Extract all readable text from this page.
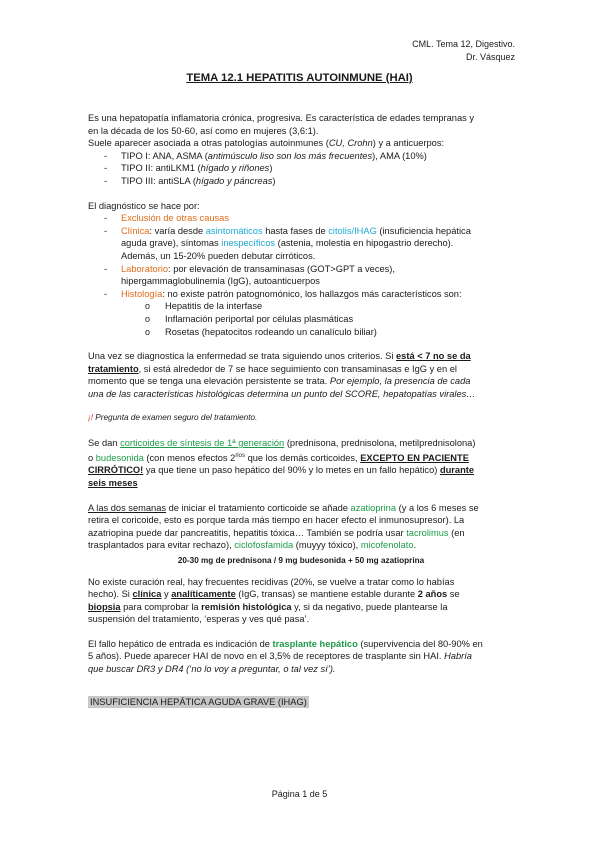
CML. Tema 12, Digestivo.
Dr. Vásquez
TEMA 12.1 HEPATITIS AUTOINMUNE (HAI)

Es una hepatopatía inflamatoria crónica, progresiva. Es característica de edades tempranas y

en la década de los 50-60, así como en mujeres (3,6:1).

Suele aparecer asociada a otras patologías autoinmunes (CU, Crohn) y a anticuerpos:

- TIPO I: ANA, ASMA (antimúsculo liso son los más frecuentes), AMA (10%)
- TIPO II: antiLKM1 (hígado y riñones)
- TIPO III: antiSLA (hígado y páncreas)

El diagnóstico se hace por:

- Exclusión de otras causas
- Clínica: varía desde asintomáticos hasta fases de citolis/IHAG (insuficiencia hepática
aguda grave), síntomas inespecíficos (astenia, molestia en hipogastrio derecho).
Además, un 15-20% pueden debutar cirróticos.
- Laboratorio: por elevación de transaminasas (GOT>GPT a veces),
hipergammaglobulinemia (IgG), autoanticuerpos
- Histología: no existe patrón patognomónico, los hallazgos más característicos son:
o Hepatitis de la interfase
o Inflamación periportal por células plasmáticas
o Rosetas (hepatocitos rodeando un canalículo biliar)

Una vez se diagnostica la enfermedad se trata siguiendo unos criterios. Si está < 7 no se da

tratamiento, si está alrededor de 7 se hace seguimiento con transaminasas e IgG y en el

momento que se tenga una elevación persistente se trata. Por ejemplo, la presencia de cada

una de las características histológicas determina un punto del SCORE, hepatopatías virales…

¡! Pregunta de examen seguro del tratamiento.

Se dan corticoides de síntesis de 1ª generación (prednisona, prednisolona, metilprednisolona)

o budesonida (con menos efectos $2^{rios}$ que los demás corticoides, EXCEPTO EN PACIENTE

CIRRÓTICO! ya que tiene un paso hepático del 90% y lo metes en un fallo hepático) durante

seis meses

A las dos semanas de iniciar el tratamiento corticoide se añade azatioprina (y a los 6 meses se

retira el coricoide, esto es porque tarda más tiempo en hacer efecto el inmunosupresor). La

azatriopina puede dar pancreatitis, hepatitis tóxica… También se podría usar tacrolimus (en

trasplantados para evitar rechazo), ciclofosfamida (muyyy tóxico), micofenolato.

20-30 mg de prednisona / 9 mg budesonida + 50 mg azatioprina

No existe curación real, hay frecuentes recidivas (20%, se vuelve a tratar como lo habías

hecho). Si clínica y analíticamente (IgG, transas) se mantiene estable durante 2 años se

biopsia para comprobar la remisión histológica y, si da negativo, puede plantearse la

suspensión del tratamiento, ‘esperas y ves qué pasa’.

El fallo hepático de entrada es indicación de trasplante hepático (supervivencia del 80-90% en

5 años). Puede aparecer HAI de novo en el 3,5% de receptores de trasplante sin HAI. Habría

que buscar DR3 y DR4 (‘no lo voy a preguntar, o tal vez sí’).

INSUFICIENCIA HEPÁTICA AGUDA GRAVE (IHAG)

Página 1 de 5
